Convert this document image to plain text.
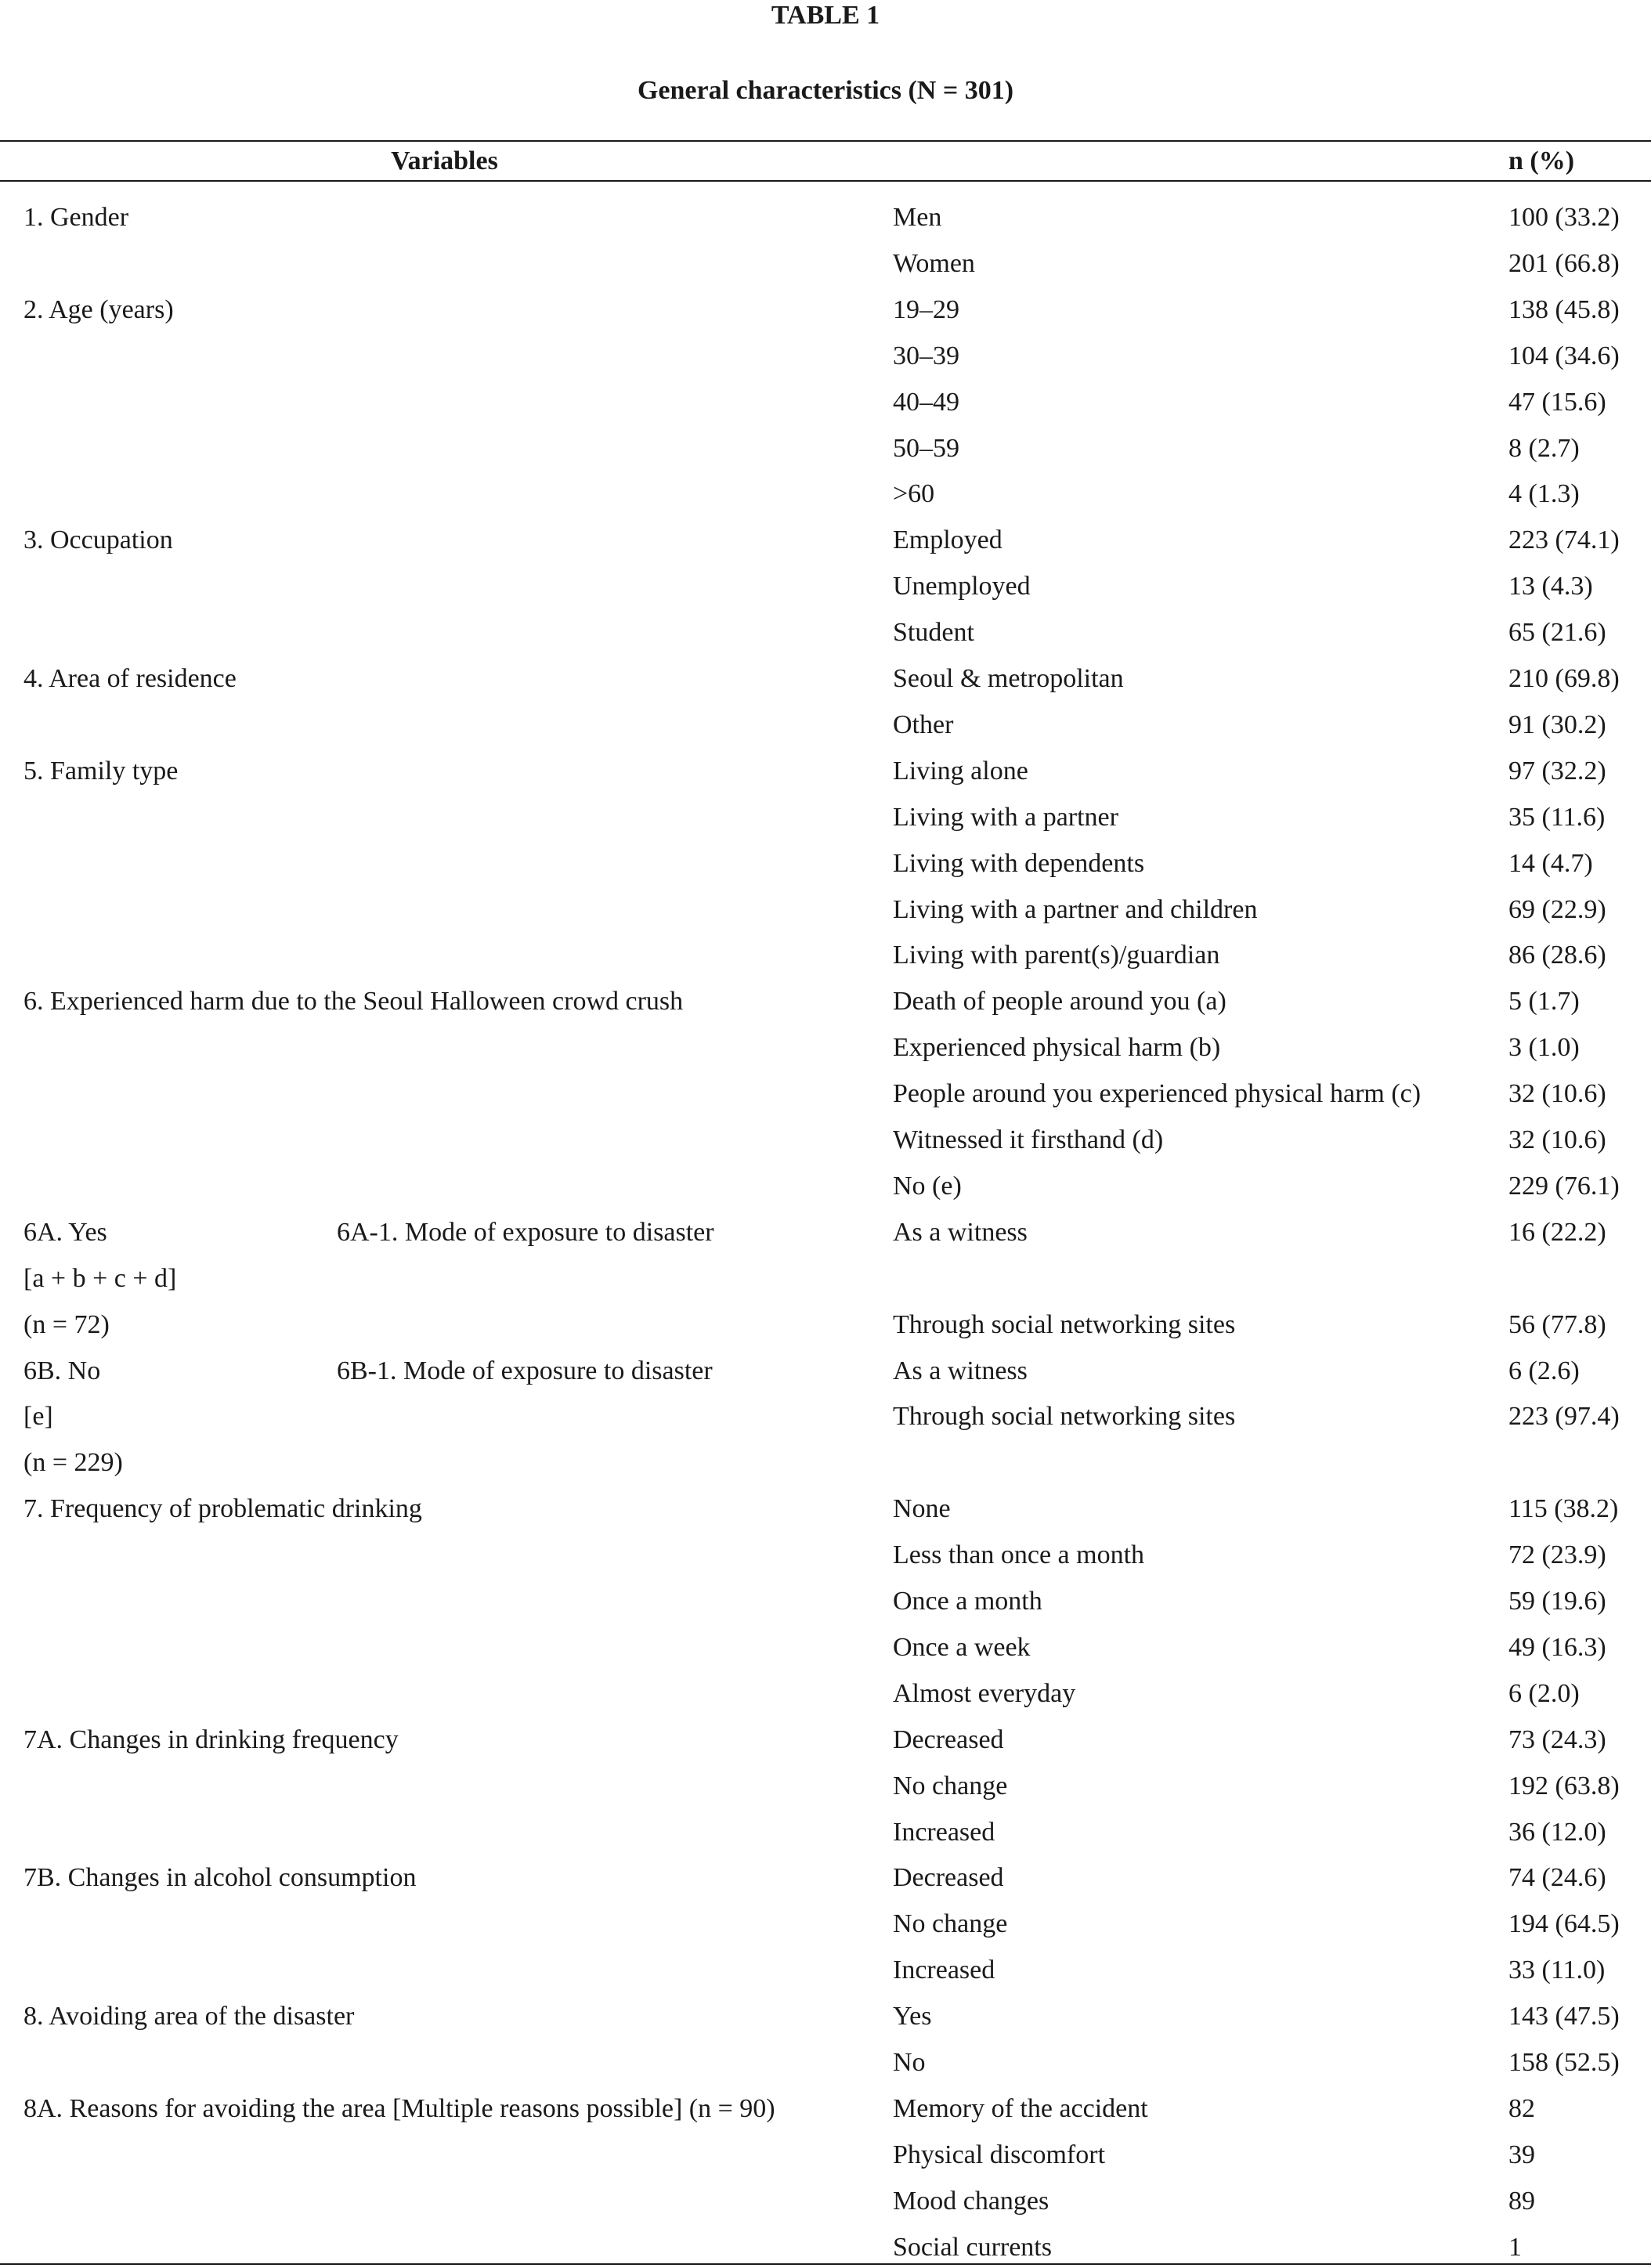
TABLE 1
General characteristics (N = 301)
Variables	n (%)
1. Gender	Men	100 (33.2)
Women	201 (66.8)
2. Age (years)	19–29	138 (45.8)
30–39	104 (34.6)
40–49	47 (15.6)
50–59	8 (2.7)
>60	4 (1.3)
3. Occupation	Employed	223 (74.1)
Unemployed	13 (4.3)
Student	65 (21.6)
4. Area of residence	Seoul & metropolitan	210 (69.8)
Other	91 (30.2)
5. Family type	Living alone	97 (32.2)
Living with a partner	35 (11.6)
Living with dependents	14 (4.7)
Living with a partner and children	69 (22.9)
Living with parent(s)/guardian	86 (28.6)
6. Experienced harm due to the Seoul Halloween crowd crush	Death of people around you (a)	5 (1.7)
Experienced physical harm (b)	3 (1.0)
People around you experienced physical harm (c)	32 (10.6)
Witnessed it firsthand (d)	32 (10.6)
No (e)	229 (76.1)
6A. Yes	6A-1. Mode of exposure to disaster	As a witness	16 (22.2)
[a + b + c + d]
(n = 72)	Through social networking sites	56 (77.8)
6B. No	6B-1. Mode of exposure to disaster	As a witness	6 (2.6)
[e]	Through social networking sites	223 (97.4)
(n = 229)
7. Frequency of problematic drinking	None	115 (38.2)
Less than once a month	72 (23.9)
Once a month	59 (19.6)
Once a week	49 (16.3)
Almost everyday	6 (2.0)
7A. Changes in drinking frequency	Decreased	73 (24.3)
No change	192 (63.8)
Increased	36 (12.0)
7B. Changes in alcohol consumption	Decreased	74 (24.6)
No change	194 (64.5)
Increased	33 (11.0)
8. Avoiding area of the disaster	Yes	143 (47.5)
No	158 (52.5)
8A. Reasons for avoiding the area [Multiple reasons possible] (n = 90)	Memory of the accident	82
Physical discomfort	39
Mood changes	89
Social currents	1
